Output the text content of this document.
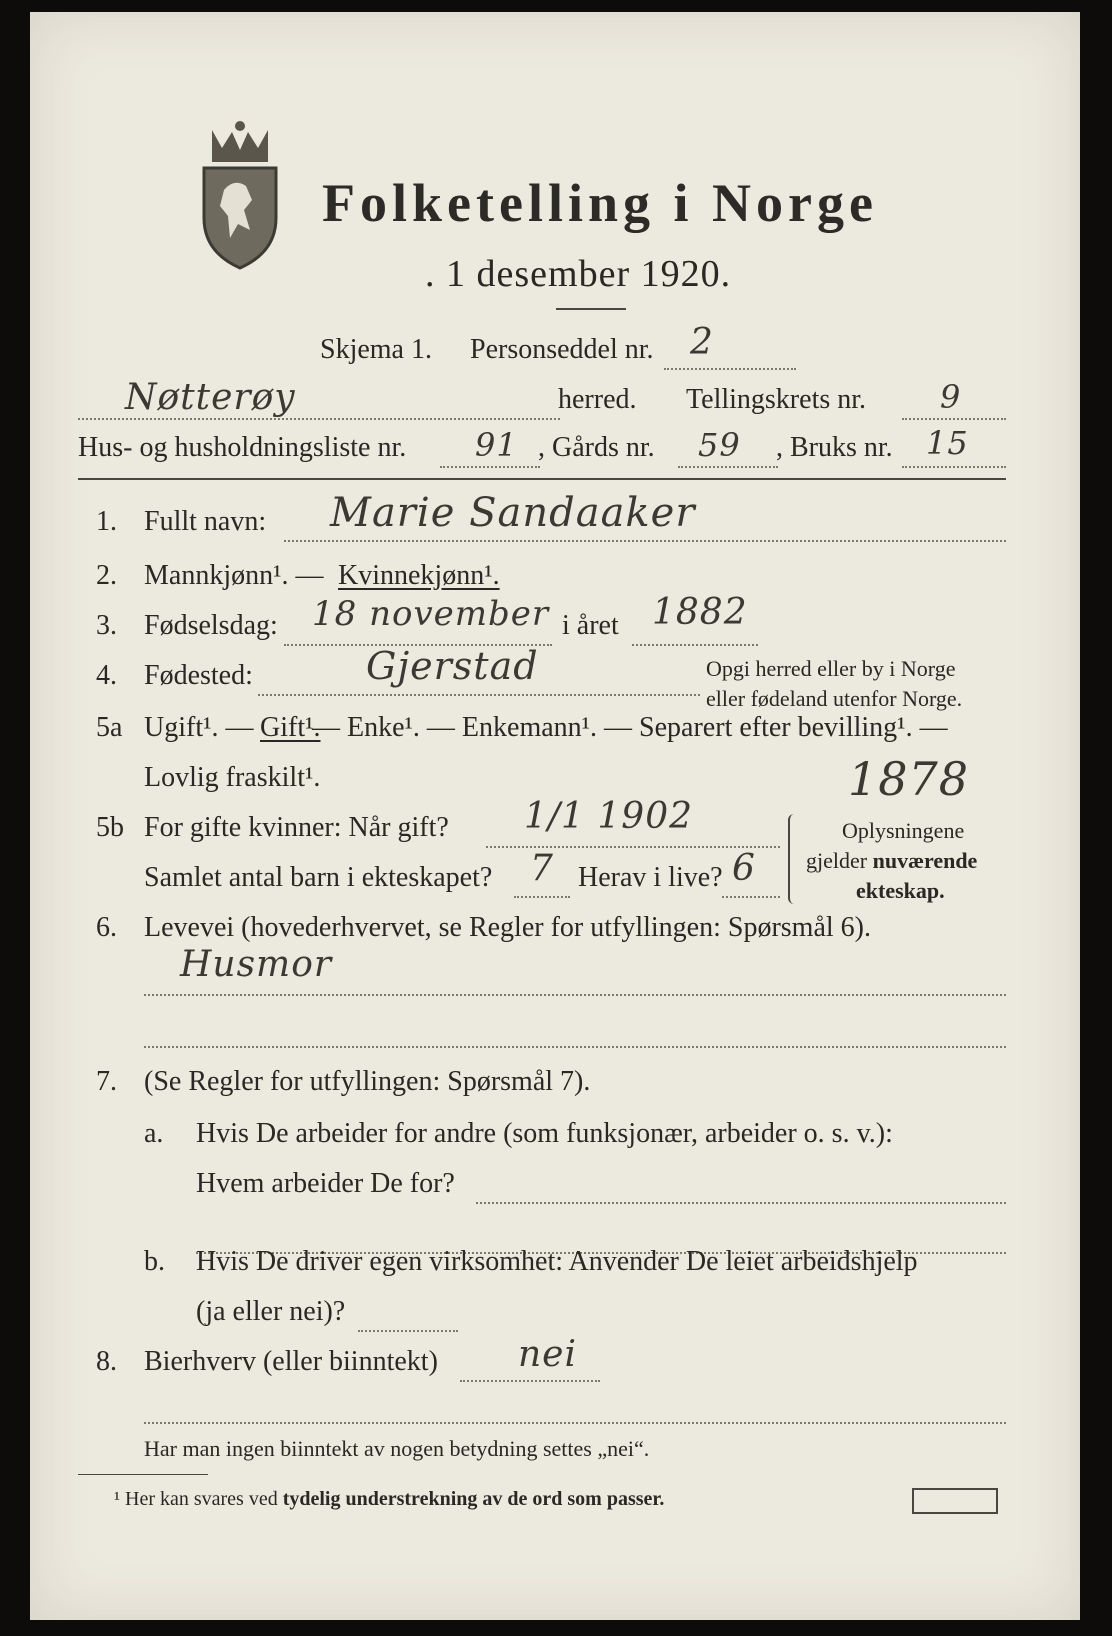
Folketelling i Norge
. 1 desember 1920.
Skjema 1. Personseddel nr. 2
Nøtterøy	herred. Tellingskrets nr. 9
Hus- og husholdningsliste nr. 91 , Gårds nr. 59 , Bruks nr. 15
1. Fullt navn: Marie Sandaaker
2. Mannkjønn¹. — Kvinnekjønn¹.
3. Fødselsdag: 18 november i året 1882
4. Fødested:	Gjerstad	Opgi herred eller by i Norge
eller fødeland utenfor Norge.
5a Ugift¹. — Gift¹.
— Enke¹. — Enkemann¹. — Separert efter bevilling¹. —
Lovlig fraskilt¹.	1878
5b For gifte kvinner: Når gift? 1/1 1902
Samlet antal barn i ekteskapet? 7 Herav i live? 6
Oplysningene
gjelder nuværende
ekteskap.
6. Levevei (hovederhvervet, se Regler for utfyllingen: Spørsmål 6).
Husmor
7. (Se Regler for utfyllingen: Spørsmål 7).
a. Hvis De arbeider for andre (som funksjonær, arbeider o. s. v.):
Hvem arbeider De for?
b. Hvis De driver egen virksomhet: Anvender De leiet arbeidshjelp
(ja eller nei)?
8. Bierhverv (eller biinntekt) nei
Har man ingen biinntekt av nogen betydning settes „nei“.
¹ Her kan svares ved tydelig understrekning av de ord som passer.
